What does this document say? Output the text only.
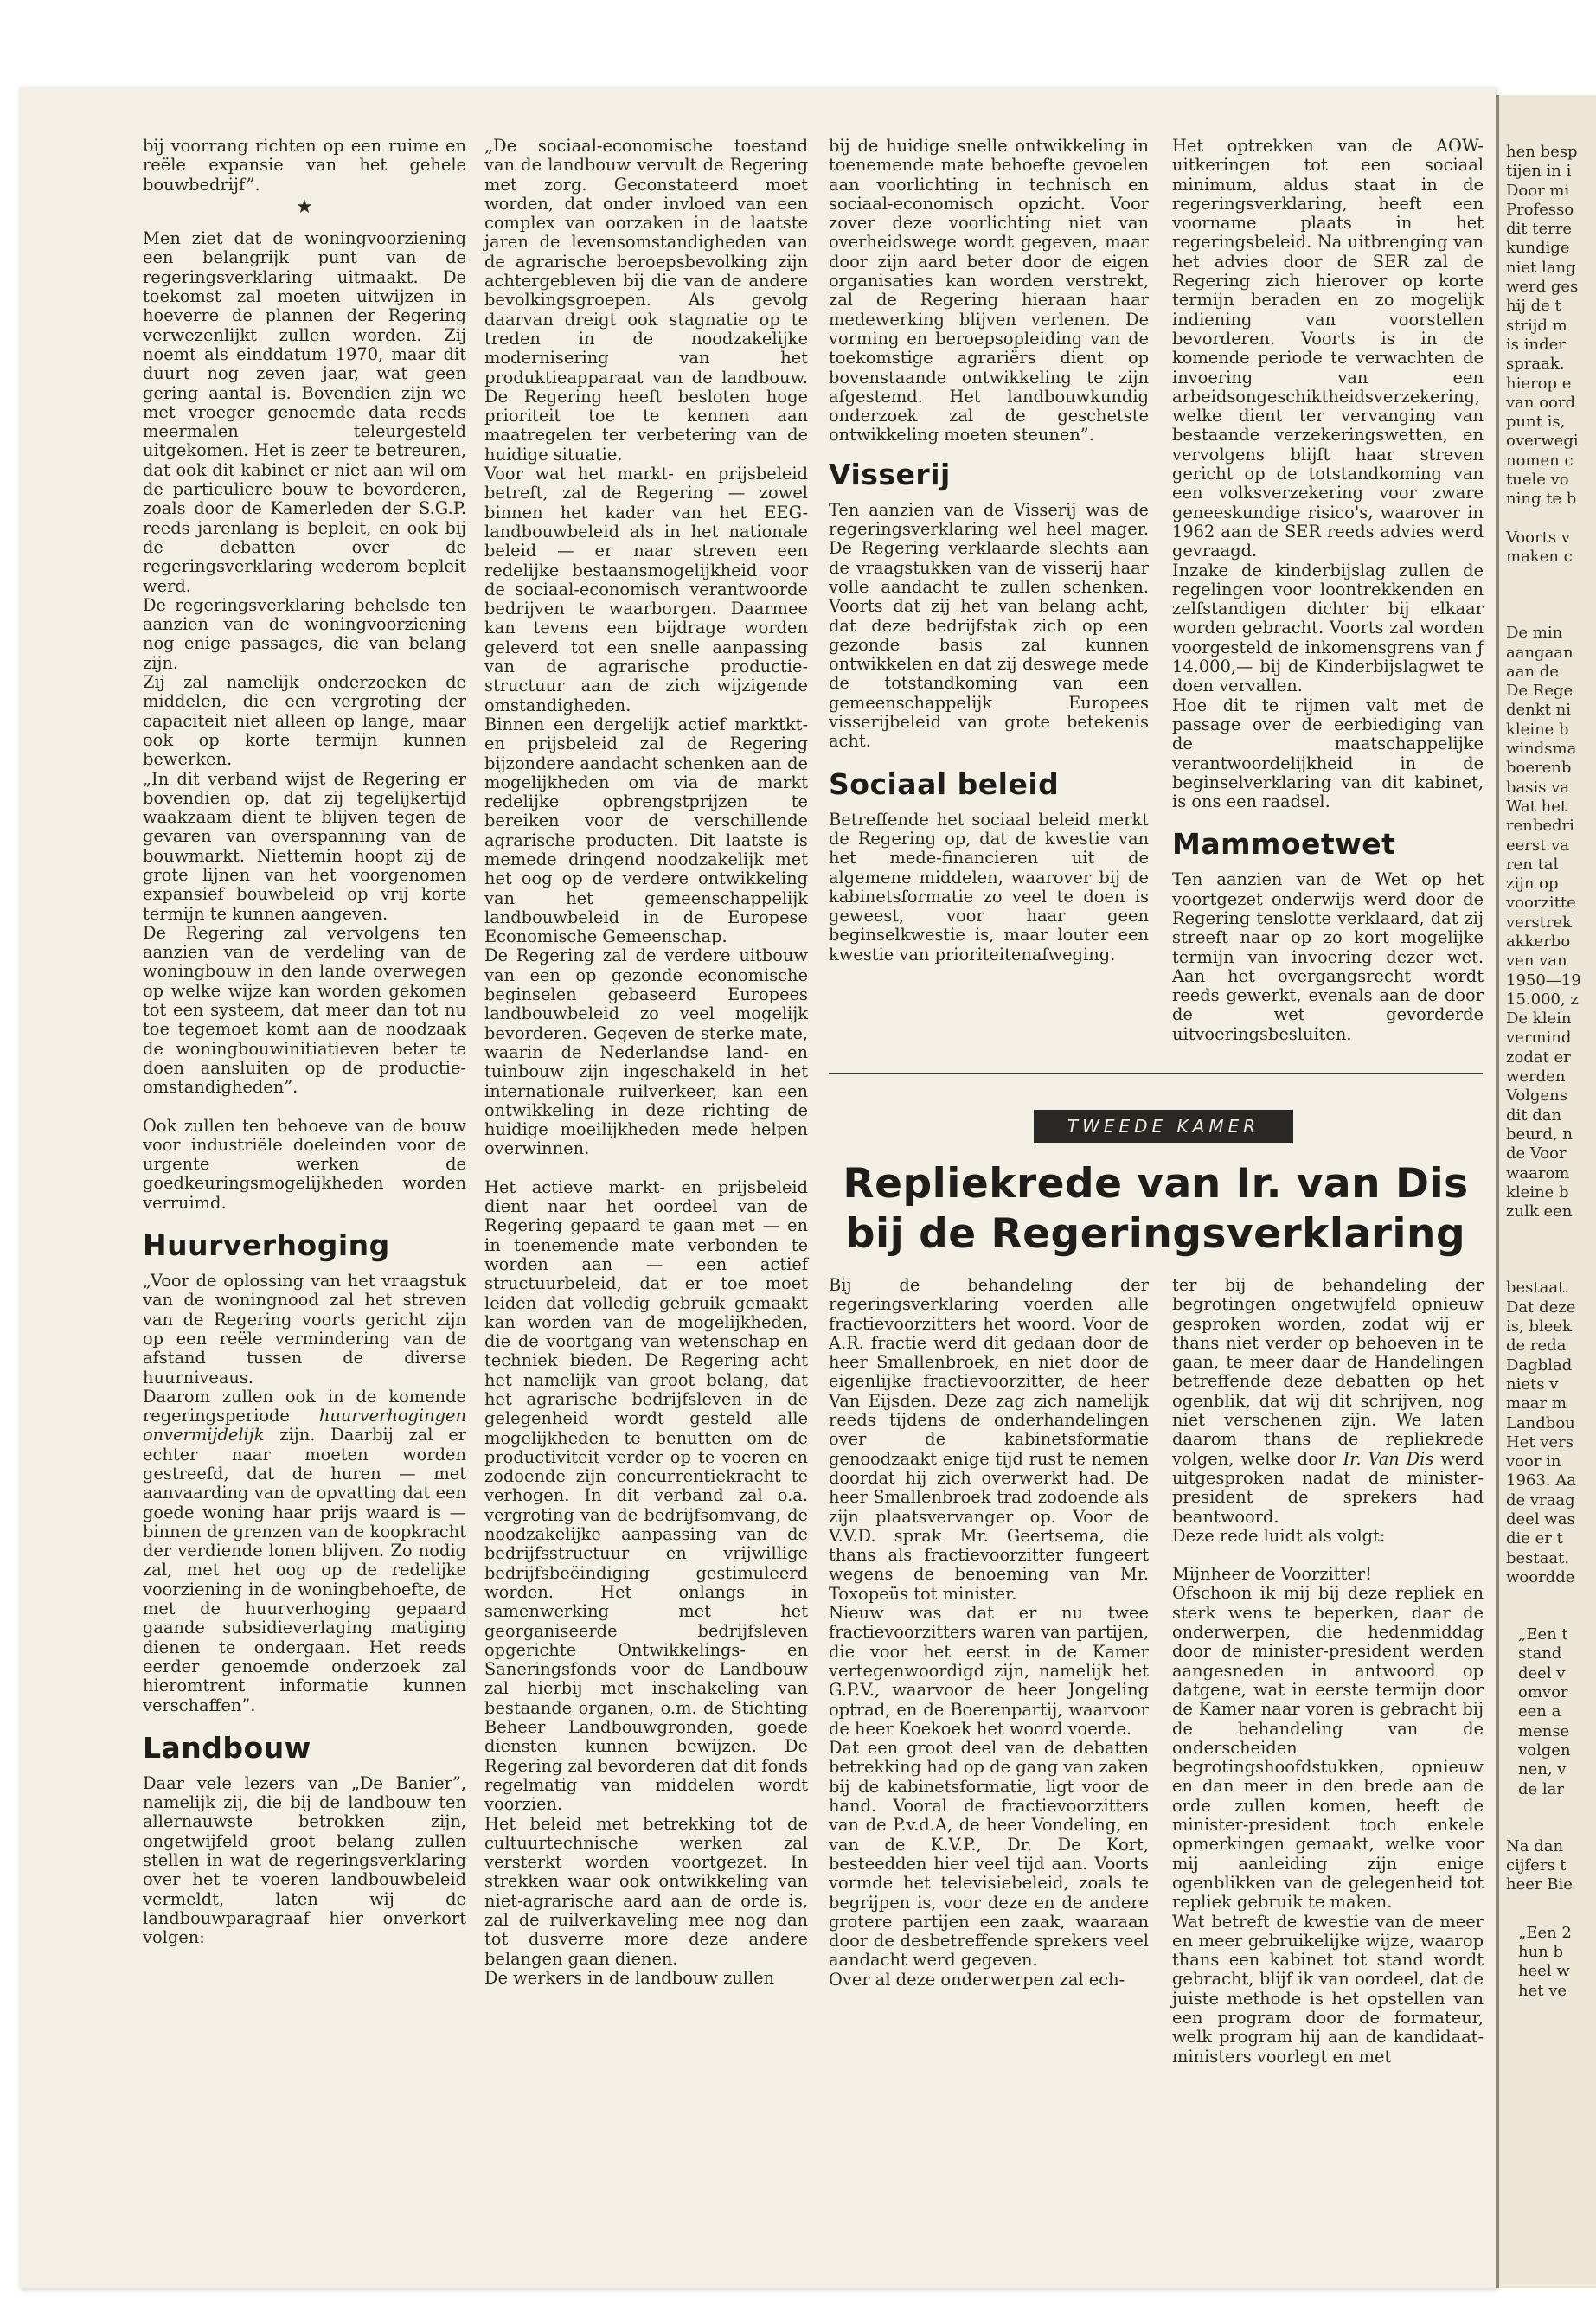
bij voorrang richten op een ruime en reële expansie van het gehele bouwbedrijf”.

★

Men ziet dat de woningvoorziening een belangrijk punt van de regeringsverklaring uitmaakt. De toekomst zal moeten uitwijzen in hoeverre de plannen der Regering verwezenlijkt zullen worden. Zij noemt als einddatum 1970, maar dit duurt nog zeven jaar, wat geen gering aantal is. Bovendien zijn we met vroeger genoemde data reeds meermalen teleurgesteld uitgekomen. Het is zeer te betreuren, dat ook dit kabinet er niet aan wil om de particuliere bouw te bevorderen, zoals door de Kamerleden der S.G.P. reeds jarenlang is bepleit, en ook bij de debatten over de regeringsverklaring wederom bepleit werd.

De regeringsverklaring behelsde ten aanzien van de woningvoorziening nog enige passages, die van belang zijn.

Zij zal namelijk onderzoeken de middelen, die een vergroting der capaciteit niet alleen op lange, maar ook op korte termijn kunnen bewerken.

„In dit verband wijst de Regering er bovendien op, dat zij tegelijkertijd waakzaam dient te blijven tegen de gevaren van overspanning van de bouwmarkt. Niettemin hoopt zij de grote lijnen van het voorgenomen expansief bouwbeleid op vrij korte termijn te kunnen aangeven.

De Regering zal vervolgens ten aanzien van de verdeling van de woningbouw in den lande overwegen op welke wijze kan worden gekomen tot een systeem, dat meer dan tot nu toe tegemoet komt aan de noodzaak de woningbouwinitiatieven beter te doen aansluiten op de productie-omstandigheden”.

Ook zullen ten behoeve van de bouw voor industriële doeleinden voor de urgente werken de goedkeuringsmogelijkheden worden verruimd.

Huurverhoging

„Voor de oplossing van het vraagstuk van de woningnood zal het streven van de Regering voorts gericht zijn op een reële vermindering van de afstand tussen de diverse huurniveaus.

Daarom zullen ook in de komende regeringsperiode huurverhogingen onvermijdelijk zijn. Daarbij zal er echter naar moeten worden gestreefd, dat de huren — met aanvaarding van de opvatting dat een goede woning haar prijs waard is — binnen de grenzen van de koopkracht der verdiende lonen blijven. Zo nodig zal, met het oog op de redelijke voorziening in de woningbehoefte, de met de huurverhoging gepaard gaande subsidieverlaging matiging dienen te ondergaan. Het reeds eerder genoemde onderzoek zal hieromtrent informatie kunnen verschaffen”.

Landbouw

Daar vele lezers van „De Banier”, namelijk zij, die bij de landbouw ten allernauwste betrokken zijn, ongetwijfeld groot belang zullen stellen in wat de regeringsverklaring over het te voeren landbouwbeleid vermeldt, laten wij de landbouwparagraaf hier onverkort volgen:

„De sociaal-economische toestand van de landbouw vervult de Regering met zorg. Geconstateerd moet worden, dat onder invloed van een complex van oorzaken in de laatste jaren de levensomstandigheden van de agrarische beroepsbevolking zijn achtergebleven bij die van de andere bevolkingsgroepen. Als gevolg daarvan dreigt ook stagnatie op te treden in de noodzakelijke modernisering van het produktieapparaat van de landbouw. De Regering heeft besloten hoge prioriteit toe te kennen aan maatregelen ter verbetering van de huidige situatie.

Voor wat het markt- en prijsbeleid betreft, zal de Regering — zowel binnen het kader van het EEG-landbouwbeleid als in het nationale beleid — er naar streven een redelijke bestaansmogelijkheid voor de sociaal-economisch verantwoorde bedrijven te waarborgen. Daarmee kan tevens een bijdrage worden geleverd tot een snelle aanpassing van de agrarische productie-structuur aan de zich wijzigende omstandigheden.

Binnen een dergelijk actief marktkt- en prijsbeleid zal de Regering bijzondere aandacht schenken aan de mogelijkheden om via de markt redelijke opbrengstprijzen te bereiken voor de verschillende agrarische producten. Dit laatste is memede dringend noodzakelijk met het oog op de verdere ontwikkeling van het gemeenschappelijk landbouwbeleid in de Europese Economische Gemeenschap.

De Regering zal de verdere uitbouw van een op gezonde economische beginselen gebaseerd Europees landbouwbeleid zo veel mogelijk bevorderen. Gegeven de sterke mate, waarin de Nederlandse land- en tuinbouw zijn ingeschakeld in het internationale ruilverkeer, kan een ontwikkeling in deze richting de huidige moeilijkheden mede helpen overwinnen.

Het actieve markt- en prijsbeleid dient naar het oordeel van de Regering gepaard te gaan met — en in toenemende mate verbonden te worden aan — een actief structuurbeleid, dat er toe moet leiden dat volledig gebruik gemaakt kan worden van de mogelijkheden, die de voortgang van wetenschap en techniek bieden. De Regering acht het namelijk van groot belang, dat het agrarische bedrijfsleven in de gelegenheid wordt gesteld alle mogelijkheden te benutten om de productiviteit verder op te voeren en zodoende zijn concurrentiekracht te verhogen. In dit verband zal o.a. vergroting van de bedrijfsomvang, de noodzakelijke aanpassing van de bedrijfsstructuur en vrijwillige bedrijfsbeëindiging gestimuleerd worden. Het onlangs in samenwerking met het georganiseerde bedrijfsleven opgerichte Ontwikkelings- en Saneringsfonds voor de Landbouw zal hierbij met inschakeling van bestaande organen, o.m. de Stichting Beheer Landbouwgronden, goede diensten kunnen bewijzen. De Regering zal bevorderen dat dit fonds regelmatig van middelen wordt voorzien.

Het beleid met betrekking tot de cultuurtechnische werken zal versterkt worden voortgezet. In strekken waar ook ontwikkeling van niet-agrarische aard aan de orde is, zal de ruilverkaveling mee nog dan tot dusverre more deze andere belangen gaan dienen.

De werkers in de landbouw zullen

bij de huidige snelle ontwikkeling in toenemende mate behoefte gevoelen aan voorlichting in technisch en sociaal-economisch opzicht. Voor zover deze voorlichting niet van overheidswege wordt gegeven, maar door zijn aard beter door de eigen organisaties kan worden verstrekt, zal de Regering hieraan haar medewerking blijven verlenen. De vorming en beroepsopleiding van de toekomstige agrariërs dient op bovenstaande ontwikkeling te zijn afgestemd. Het landbouwkundig onderzoek zal de geschetste ontwikkeling moeten steunen”.

Visserij

Ten aanzien van de Visserij was de regeringsverklaring wel heel mager. De Regering verklaarde slechts aan de vraagstukken van de visserij haar volle aandacht te zullen schenken. Voorts dat zij het van belang acht, dat deze bedrijfstak zich op een gezonde basis zal kunnen ontwikkelen en dat zij deswege mede de totstandkoming van een gemeenschappelijk Europees visserijbeleid van grote betekenis acht.

Sociaal beleid

Betreffende het sociaal beleid merkt de Regering op, dat de kwestie van het mede-financieren uit de algemene middelen, waarover bij de kabinetsformatie zo veel te doen is geweest, voor haar geen beginselkwestie is, maar louter een kwestie van prioriteitenafweging.

Het optrekken van de AOW-uitkeringen tot een sociaal minimum, aldus staat in de regeringsverklaring, heeft een voorname plaats in het regeringsbeleid. Na uitbrenging van het advies door de SER zal de Regering zich hierover op korte termijn beraden en zo mogelijk indiening van voorstellen bevorderen. Voorts is in de komende periode te verwachten de invoering van een arbeidsongeschiktheidsverzekering, welke dient ter vervanging van bestaande verzekeringswetten, en vervolgens blijft haar streven gericht op de totstandkoming van een volksverzekering voor zware geneeskundige risico's, waarover in 1962 aan de SER reeds advies werd gevraagd.

Inzake de kinderbijslag zullen de regelingen voor loontrekkenden en zelfstandigen dichter bij elkaar worden gebracht. Voorts zal worden voorgesteld de inkomensgrens van ƒ 14.000,— bij de Kinderbijslagwet te doen vervallen.

Hoe dit te rijmen valt met de passage over de eerbiediging van de maatschappelijke verantwoordelijkheid in de beginselverklaring van dit kabinet, is ons een raadsel.

Mammoetwet

Ten aanzien van de Wet op het voortgezet onderwijs werd door de Regering tenslotte verklaard, dat zij streeft naar op zo kort mogelijke termijn van invoering dezer wet. Aan het overgangsrecht wordt reeds gewerkt, evenals aan de door de wet gevorderde uitvoeringsbesluiten.

TWEEDE KAMER
Repliekrede van Ir. van Dis
bij de Regeringsverklaring

Bij de behandeling der regeringsverklaring voerden alle fractievoorzitters het woord. Voor de A.R. fractie werd dit gedaan door de heer Smallenbroek, en niet door de eigenlijke fractievoorzitter, de heer Van Eijsden. Deze zag zich namelijk reeds tijdens de onderhandelingen over de kabinetsformatie genoodzaakt enige tijd rust te nemen doordat hij zich overwerkt had. De heer Smallenbroek trad zodoende als zijn plaatsvervanger op. Voor de V.V.D. sprak Mr. Geertsema, die thans als fractievoorzitter fungeert wegens de benoeming van Mr. Toxopeüs tot minister.

Nieuw was dat er nu twee fractievoorzitters waren van partijen, die voor het eerst in de Kamer vertegenwoordigd zijn, namelijk het G.P.V., waarvoor de heer Jongeling optrad, en de Boerenpartij, waarvoor de heer Koekoek het woord voerde.

Dat een groot deel van de debatten betrekking had op de gang van zaken bij de kabinetsformatie, ligt voor de hand. Vooral de fractievoorzitters van de P.v.d.A, de heer Vondeling, en van de K.V.P., Dr. De Kort, besteedden hier veel tijd aan. Voorts vormde het televisiebeleid, zoals te begrijpen is, voor deze en de andere grotere partijen een zaak, waaraan door de desbetreffende sprekers veel aandacht werd gegeven.

Over al deze onderwerpen zal ech-

ter bij de behandeling der begrotingen ongetwijfeld opnieuw gesproken worden, zodat wij er thans niet verder op behoeven in te gaan, te meer daar de Handelingen betreffende deze debatten op het ogenblik, dat wij dit schrijven, nog niet verschenen zijn. We laten daarom thans de repliekrede volgen, welke door Ir. Van Dis werd uitgesproken nadat de minister-president de sprekers had beantwoord.

Deze rede luidt als volgt:

Mijnheer de Voorzitter!

Ofschoon ik mij bij deze repliek en sterk wens te beperken, daar de onderwerpen, die hedenmiddag door de minister-president werden aangesneden in antwoord op datgene, wat in eerste termijn door de Kamer naar voren is gebracht bij de behandeling van de onderscheiden begrotingshoofdstukken, opnieuw en dan meer in den brede aan de orde zullen komen, heeft de minister-president toch enkele opmerkingen gemaakt, welke voor mij aanleiding zijn enige ogenblikken van de gelegenheid tot repliek gebruik te maken.

Wat betreft de kwestie van de meer en meer gebruikelijke wijze, waarop thans een kabinet tot stand wordt gebracht, blijf ik van oordeel, dat de juiste methode is het opstellen van een program door de formateur, welk program hij aan de kandidaat-ministers voorlegt en met

hen besp
tijen in i
Door mi
Professo
dit terre
kundige
niet lang
werd ges
hij de t
strijd m
is inder
spraak.
hierop e
van oord
punt is,
overwegi
nomen c
tuele vo
ning te b
Voorts v
maken c
De min
aangaan
aan de
De Rege
denkt ni
kleine b
windsma
boerenb
basis va
Wat het
renbedri
eerst va
ren tal
zijn op
voorzitte
verstrek
akkerbo
ven van
1950—19
15.000, z
De klein
vermind
zodat er
werden
Volgens
dit dan
beurd, n
de Voor
waarom
kleine b
zulk een
bestaat.
Dat deze
is, bleek
de reda
Dagblad
niets v
maar m
Landbou
Het vers
voor in
1963. Aa
de vraag
deel was
die er t
bestaat.
woordde
„Een t
stand
deel v
omvor
een a
mense
volgen
nen, v
de lar
Na dan
cijfers t
heer Bie
„Een 2
hun b
heel w
het ve
